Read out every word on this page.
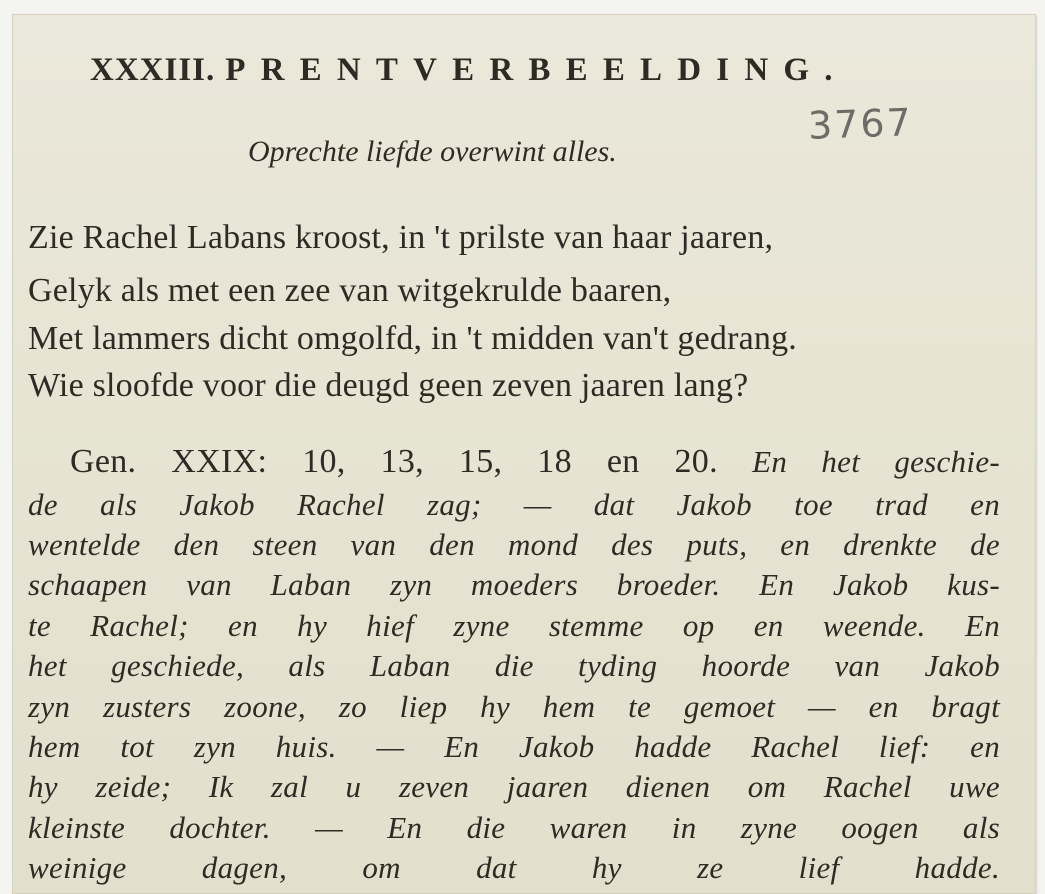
XXXIII. PRENTVERBEELDING.
3767
Oprechte liefde overwint alles.
Zie Rachel Labans kroost, in 't prilste van haar jaaren,
Gelyk als met een zee van witgekrulde baaren,
Met lammers dicht omgolfd, in 't midden van't gedrang.
Wie sloofde voor die deugd geen zeven jaaren lang?
Gen. XXIX: 10, 13, 15, 18 en 20. En het geschie-
de als Jakob Rachel zag; — dat Jakob toe trad en
wentelde den steen van den mond des puts, en drenkte de
schaapen van Laban zyn moeders broeder. En Jakob kus-
te Rachel; en hy hief zyne stemme op en weende. En
het geschiede, als Laban die tyding hoorde van Jakob
zyn zusters zoone, zo liep hy hem te gemoet — en bragt
hem tot zyn huis. — En Jakob hadde Rachel lief: en
hy zeide; Ik zal u zeven jaaren dienen om Rachel uwe
kleinste dochter. — En die waren in zyne oogen als
weinige dagen, om dat hy ze lief hadde.
